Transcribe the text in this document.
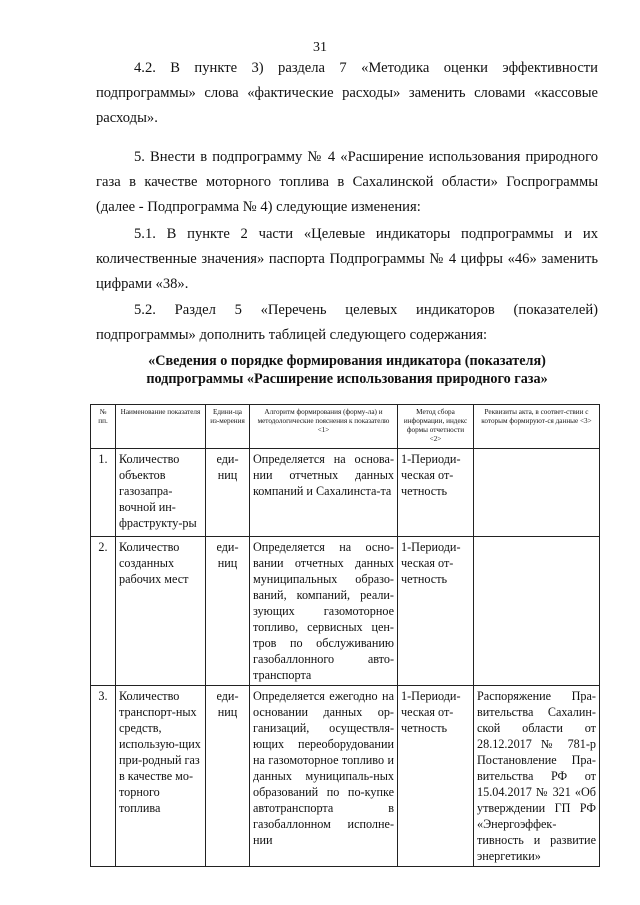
31

4.2. В пункте 3) раздела 7 «Методика оценки эффективности подпрограммы» слова «фактические расходы» заменить словами «кассовые расходы».

5. Внести в подпрограмму № 4 «Расширение использования природного газа в качестве моторного топлива в Сахалинской области» Госпрограммы (далее - Подпрограмма № 4) следующие изменения:

5.1. В пункте 2 части «Целевые индикаторы подпрограммы и их количественные значения» паспорта Подпрограммы № 4 цифры «46» заменить цифрами «38».

5.2. Раздел 5 «Перечень целевых индикаторов (показателей) подпрограммы» дополнить таблицей следующего содержания:

«Сведения о порядке формирования индикатора (показателя)
подпрограммы «Расширение использования природного газа»
№ пп.	Наименование показателя	Едини-ца из-мерения	Алгоритм формирования (форму-ла) и методологические пояснения к показателю <1>	Метод сбора информации, индекс формы отчетности <2>	Реквизиты акта, в соответ-ствии с которым формируют-ся данные <3>
1.	Количество объектов газозапра-вочной ин-фраструкту-ры	еди-ниц	Определяется на основа-нии отчетных данных компаний и Сахалинста-та	1-Периоди-ческая от-четность	
2.	Количество созданных рабочих мест	еди-ниц	Определяется на осно-вании отчетных данных муниципальных образо-ваний, компаний, реали-зующих газомоторное топливо, сервисных цен-тров по обслуживанию газобаллонного авто-транспорта	1-Периоди-ческая от-четность	
3.	Количество транспорт-ных средств, использую-щих при-родный газ в качестве мо-торного топлива	еди-ниц	Определяется ежегодно на основании данных ор-ганизаций, осуществля-ющих переоборудовании на газомоторное топливо и данных муниципаль-ных образований по по-купке автотранспорта в газобаллонном исполне-нии	1-Периоди-ческая от-четность	Распоряжение Пра-вительства Сахалин-ской области от 28.12.2017 № 781-р Постановление Пра-вительства РФ от 15.04.2017 № 321 «Об утверждении ГП РФ «Энергоэффек-тивность и развитие энергетики»
